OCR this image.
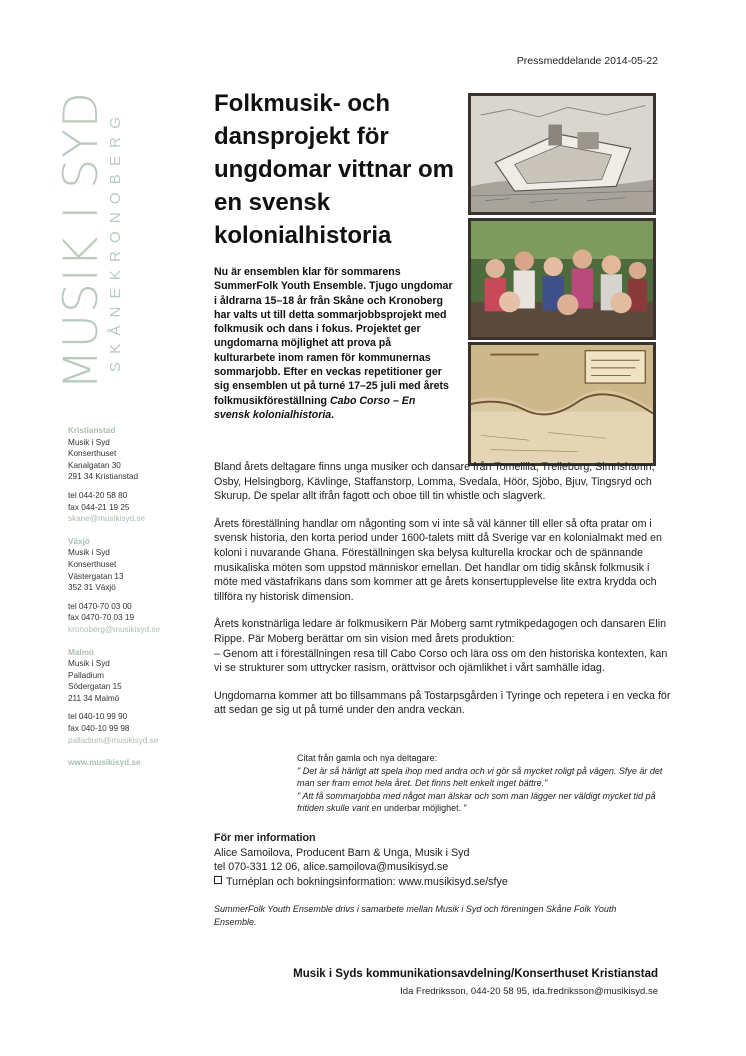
Pressmeddelande 2014-05-22
MUSIK I SYD SKÅNEKRONOBERG
Kristianstad
Musik i Syd
Konserthuset
Kanalgatan 30
291 34 Kristianstad
tel 044-20 58 80
fax 044-21 19 25
skane@musikisyd.se
Växjö
Musik i Syd
Konserthuset
Västergatan 13
352 31 Växjö
tel 0470-70 03 00
fax 0470-70 03 19
kronoberg@musikisyd.se
Malmö
Musik i Syd
Palladium
Södergatan 15
211 34 Malmö
tel 040-10 99 90
fax 040-10 99 98
palladium@musikisyd.se
www.musikisyd.se
Folkmusik- och dansprojekt för ungdomar vittnar om en svensk kolonialhistoria

Nu är ensemblen klar för sommarens SummerFolk Youth Ensemble. Tjugo ungdomar i åldrarna 15–18 år från Skåne och Kronoberg har valts ut till detta sommarjobbsprojekt med folkmusik och dans i fokus. Projektet ger ungdomarna möjlighet att prova på kulturarbete inom ramen för kommunernas sommarjobb. Efter en veckas repetitioner ger sig ensemblen ut på turné 17–25 juli med årets folkmusikföreställning Cabo Corso – En svensk kolonialhistoria.

Bland årets deltagare finns unga musiker och dansare från Tomelilla, Trelleborg, Simrishamn, Osby, Helsingborg, Kävlinge, Staffanstorp, Lomma, Svedala, Höör, Sjöbo, Bjuv, Tingsryd och Skurup. De spelar allt ifrån fagott och oboe till tin whistle och slagverk.

Årets föreställning handlar om någonting som vi inte så väl känner till eller så ofta pratar om i svensk historia, den korta period under 1600-talets mitt då Sverige var en kolonialmakt med en koloni i nuvarande Ghana. Föreställningen ska belysa kulturella krockar och de spännande musikaliska möten som uppstod människor emellan. Det handlar om tidig skånsk folkmusik i möte med västafrikans dans som kommer att ge årets konsertupplevelse lite extra krydda och tillföra ny historisk dimension.

Årets konstnärliga ledare är folkmusikern Pär Moberg samt rytmikpedagogen och dansaren Elin Rippe. Pär Moberg berättar om sin vision med årets produktion:
– Genom att i föreställningen resa till Cabo Corso och lära oss om den historiska kontexten, kan vi se strukturer som uttrycker rasism, orättvisor och ojämlikhet i vårt samhälle idag.

Ungdomarna kommer att bo tillsammans på Tostarpsgården i Tyringe och repetera i en vecka för att sedan ge sig ut på turné under den andra veckan.

Citat från gamla och nya deltagare:
" Det är så härligt att spela ihop med andra och vi gör så mycket roligt på vägen. Sfye är det man ser fram emot hela året. Det finns helt enkelt inget bättre."
" Att få sommarjobba med något man älskar och som man lägger ner väldigt mycket tid på fritiden skulle varit en underbar möjlighet. "
För mer information
Alice Samoilova, Producent Barn & Unga, Musik i Syd
tel 070-331 12 06, alice.samoilova@musikisyd.se
Turnéplan och bokningsinformation: www.musikisyd.se/sfye
SummerFolk Youth Ensemble drivs i samarbete mellan Musik i Syd och föreningen Skåne Folk Youth Ensemble.
Musik i Syds kommunikationsavdelning/Konserthuset Kristianstad
Ida Fredriksson, 044-20 58 95, ida.fredriksson@musikisyd.se
